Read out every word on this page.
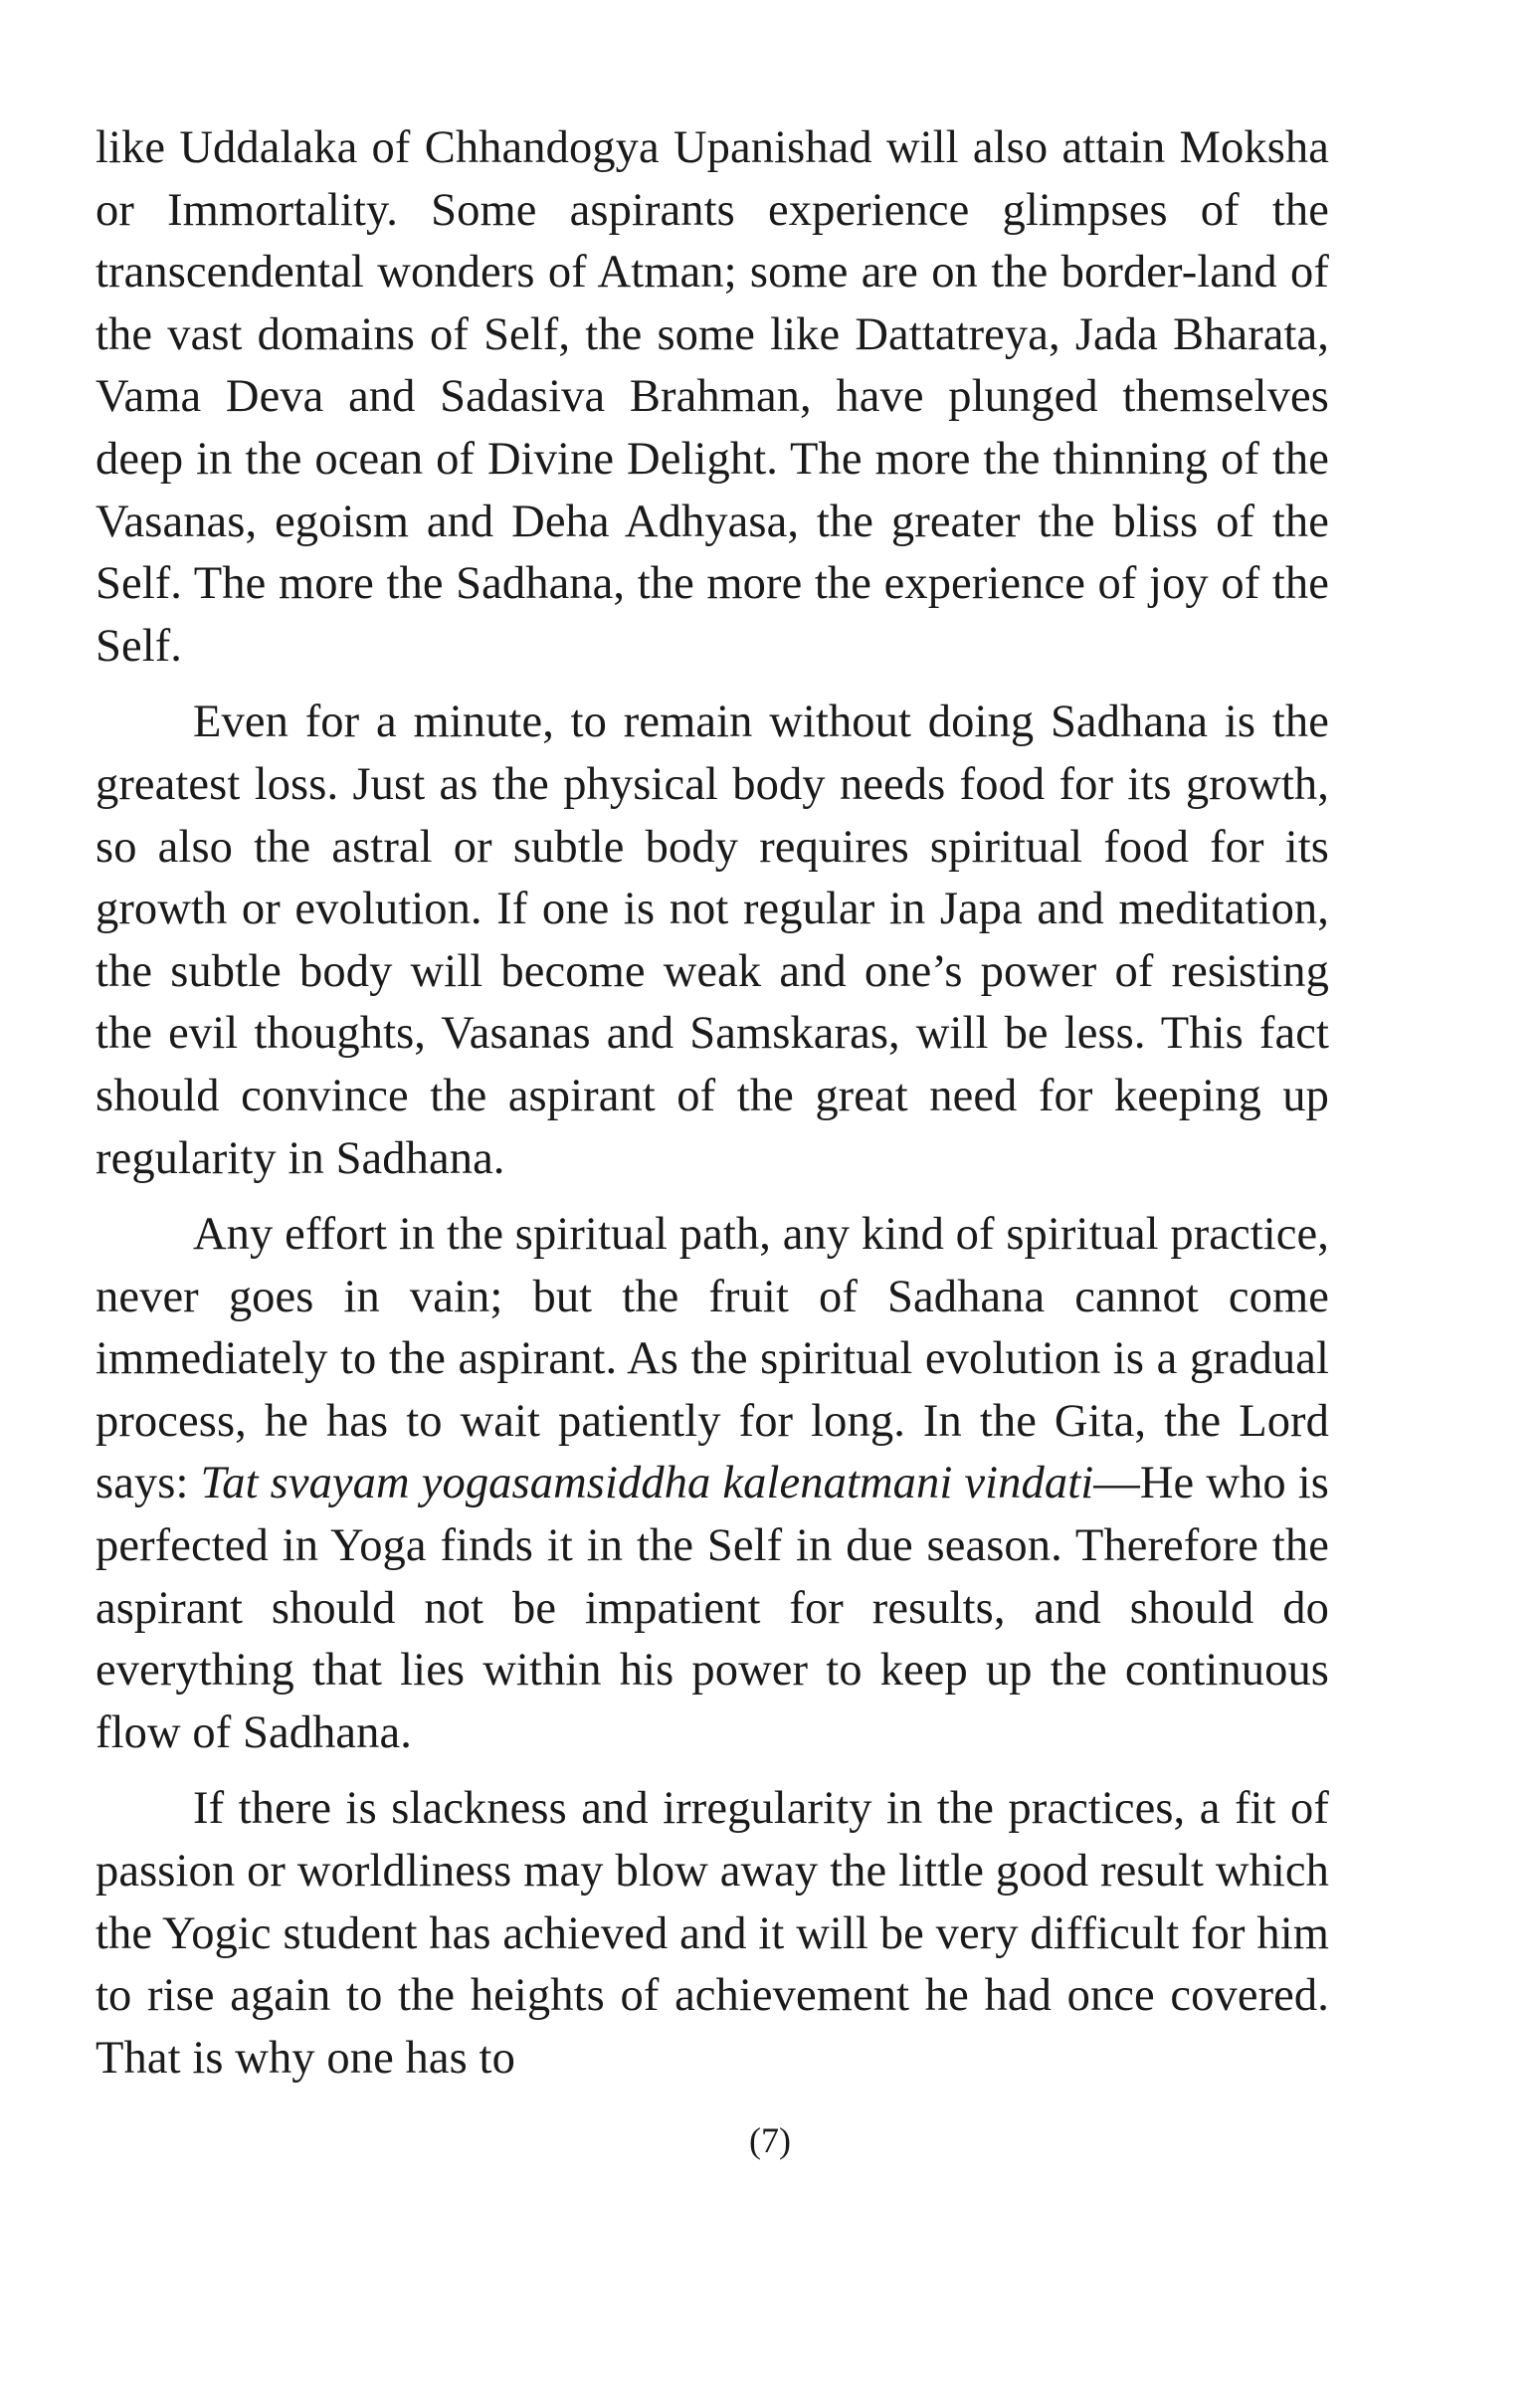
like Uddalaka of Chhandogya Upanishad will also attain Moksha or Immortality. Some aspirants experience glimpses of the transcendental wonders of Atman; some are on the border-land of the vast domains of Self, the some like Dattatreya, Jada Bharata, Vama Deva and Sadasiva Brahman, have plunged themselves deep in the ocean of Divine Delight. The more the thinning of the Vasanas, egoism and Deha Adhyasa, the greater the bliss of the Self. The more the Sadhana, the more the experience of joy of the Self.

Even for a minute, to remain without doing Sadhana is the greatest loss. Just as the physical body needs food for its growth, so also the astral or subtle body requires spiritual food for its growth or evolution. If one is not regular in Japa and meditation, the subtle body will become weak and one’s power of resisting the evil thoughts, Vasanas and Samskaras, will be less. This fact should convince the aspirant of the great need for keeping up regularity in Sadhana.

Any effort in the spiritual path, any kind of spiritual practice, never goes in vain; but the fruit of Sadhana cannot come immediately to the aspirant. As the spiritual evolution is a gradual process, he has to wait patiently for long. In the Gita, the Lord says: Tat svayam yogasamsiddha kalenatmani vindati—He who is perfected in Yoga finds it in the Self in due season. Therefore the aspirant should not be impatient for results, and should do everything that lies within his power to keep up the continuous flow of Sadhana.

If there is slackness and irregularity in the practices, a fit of passion or worldliness may blow away the little good result which the Yogic student has achieved and it will be very difficult for him to rise again to the heights of achievement he had once covered. That is why one has to

(7)
